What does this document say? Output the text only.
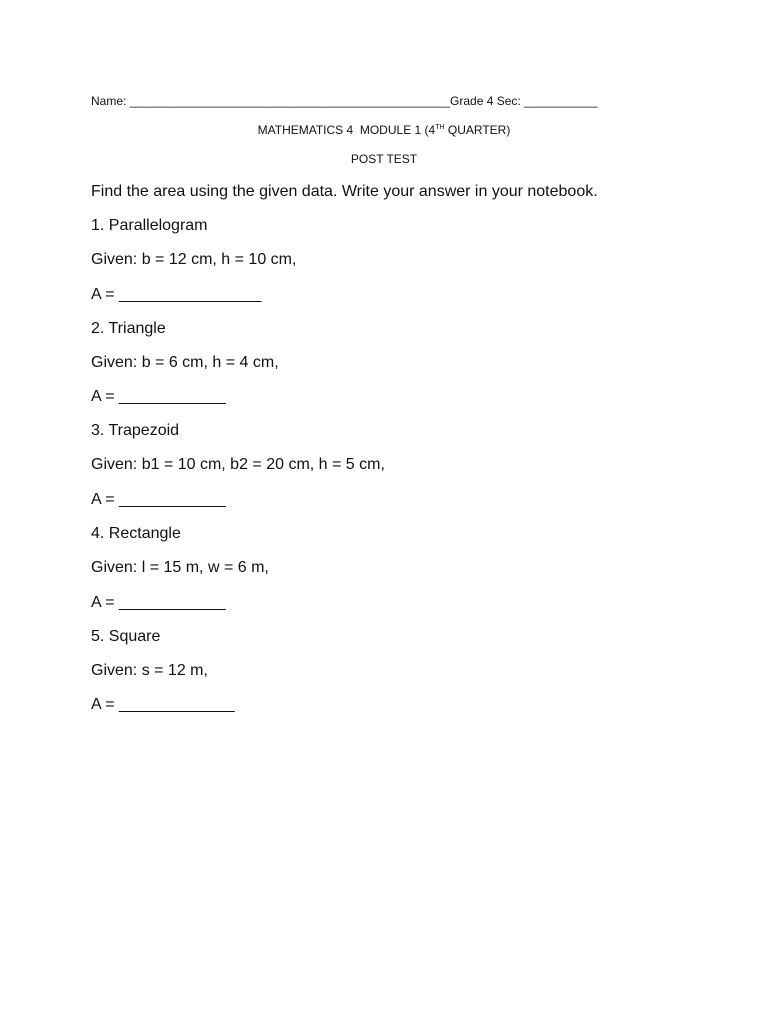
Name: ________________________________________________Grade 4 Sec: ___________
MATHEMATICS 4  MODULE 1 (4TH QUARTER)
POST TEST
Find the area using the given data. Write your answer in your notebook.
1. Parallelogram
Given: b = 12 cm, h = 10 cm,
A = ________________
2. Triangle
Given: b = 6 cm, h = 4 cm,
A = ____________
3. Trapezoid
Given: b1 = 10 cm, b2 = 20 cm, h = 5 cm,
A = ____________
4. Rectangle
Given: l = 15 m, w = 6 m,
A = ____________
5. Square
Given: s = 12 m,
A = _____________
